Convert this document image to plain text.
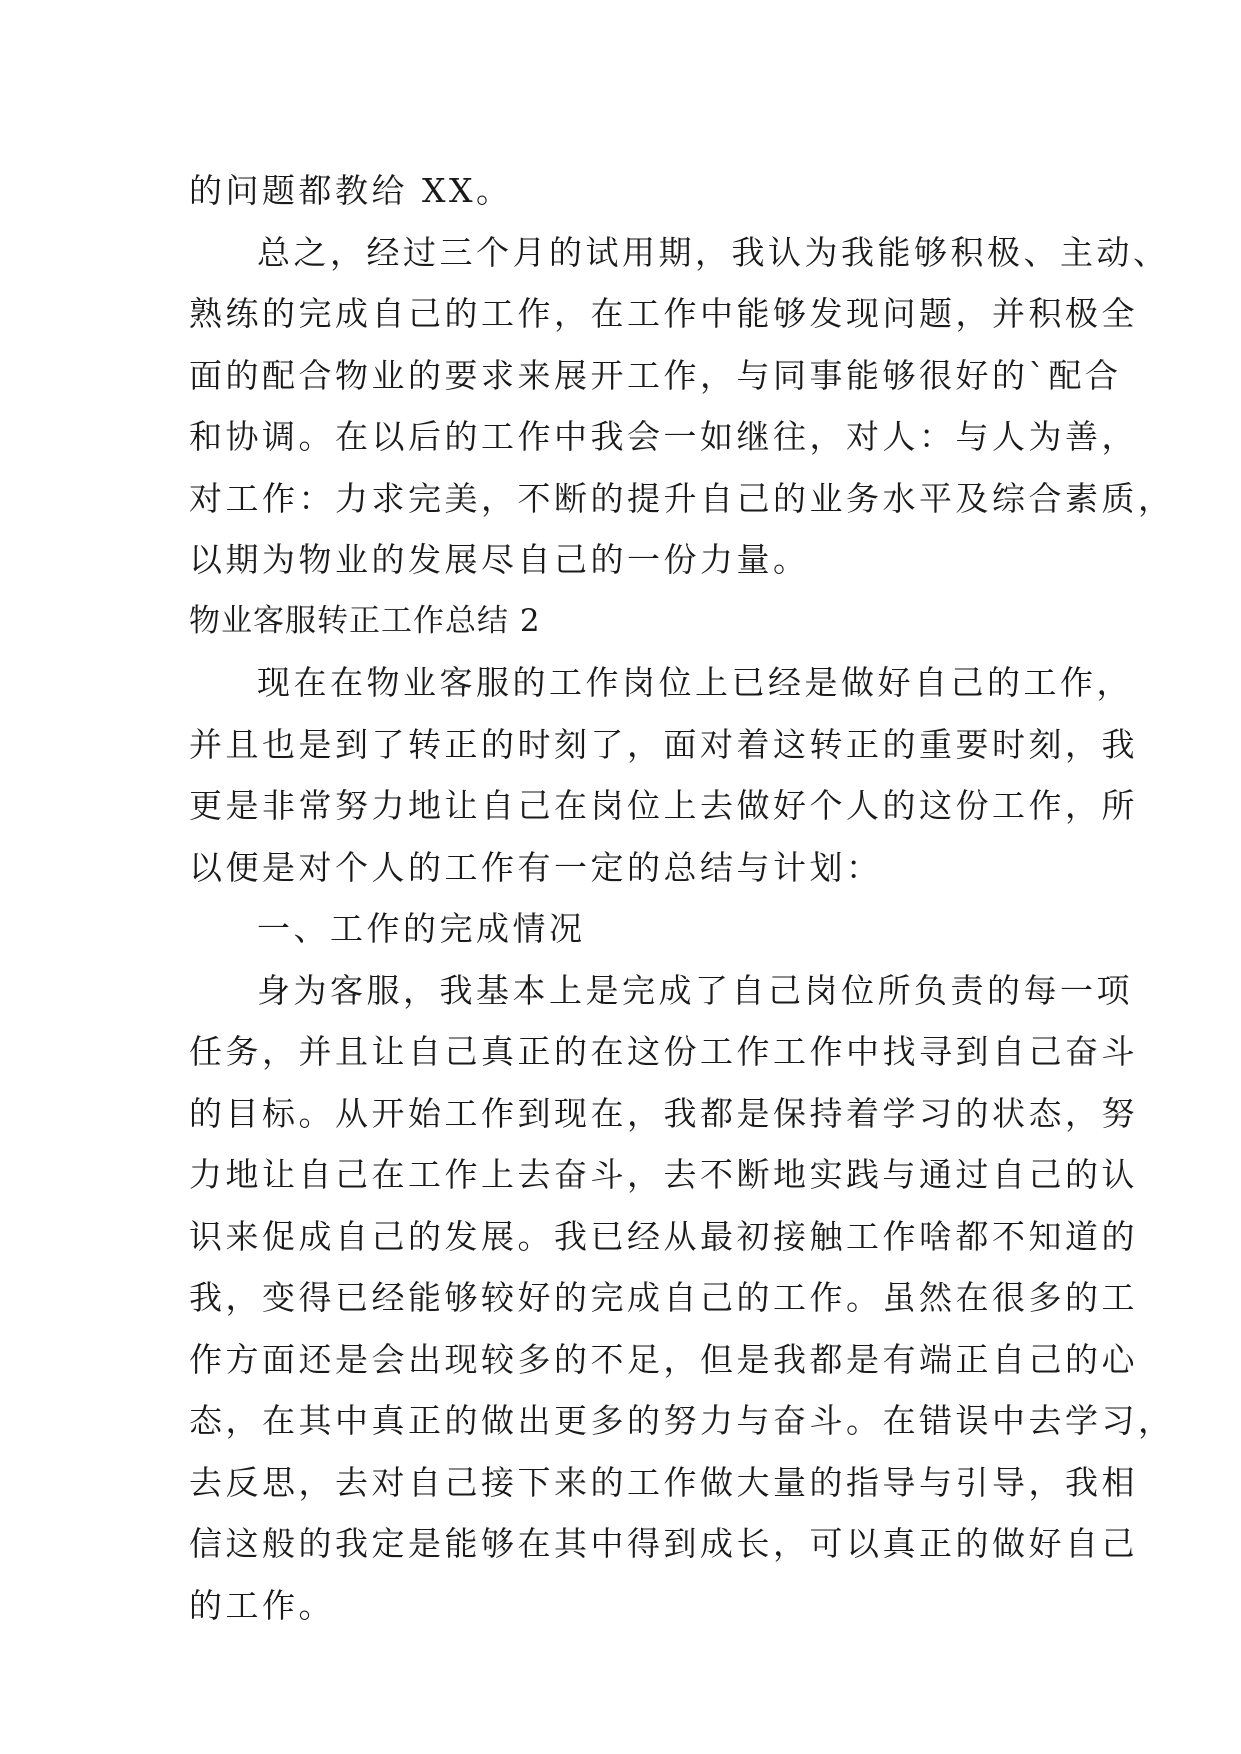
的问题都教给 XX。
总之，经过三个月的试用期，我认为我能够积极、主动、
熟练的完成自己的工作，在工作中能够发现问题，并积极全
面的配合物业的要求来展开工作，与同事能够很好的`配合
和协调。在以后的工作中我会一如继往，对人：与人为善，
对工作：力求完美，不断的提升自己的业务水平及综合素质，
以期为物业的发展尽自己的一份力量。
物业客服转正工作总结 2
现在在物业客服的工作岗位上已经是做好自己的工作，
并且也是到了转正的时刻了，面对着这转正的重要时刻，我
更是非常努力地让自己在岗位上去做好个人的这份工作，所
以便是对个人的工作有一定的总结与计划：
一、工作的完成情况
身为客服，我基本上是完成了自己岗位所负责的每一项
任务，并且让自己真正的在这份工作工作中找寻到自己奋斗
的目标。从开始工作到现在，我都是保持着学习的状态，努
力地让自己在工作上去奋斗，去不断地实践与通过自己的认
识来促成自己的发展。我已经从最初接触工作啥都不知道的
我，变得已经能够较好的完成自己的工作。虽然在很多的工
作方面还是会出现较多的不足，但是我都是有端正自己的心
态，在其中真正的做出更多的努力与奋斗。在错误中去学习，
去反思，去对自己接下来的工作做大量的指导与引导，我相
信这般的我定是能够在其中得到成长，可以真正的做好自己
的工作。
